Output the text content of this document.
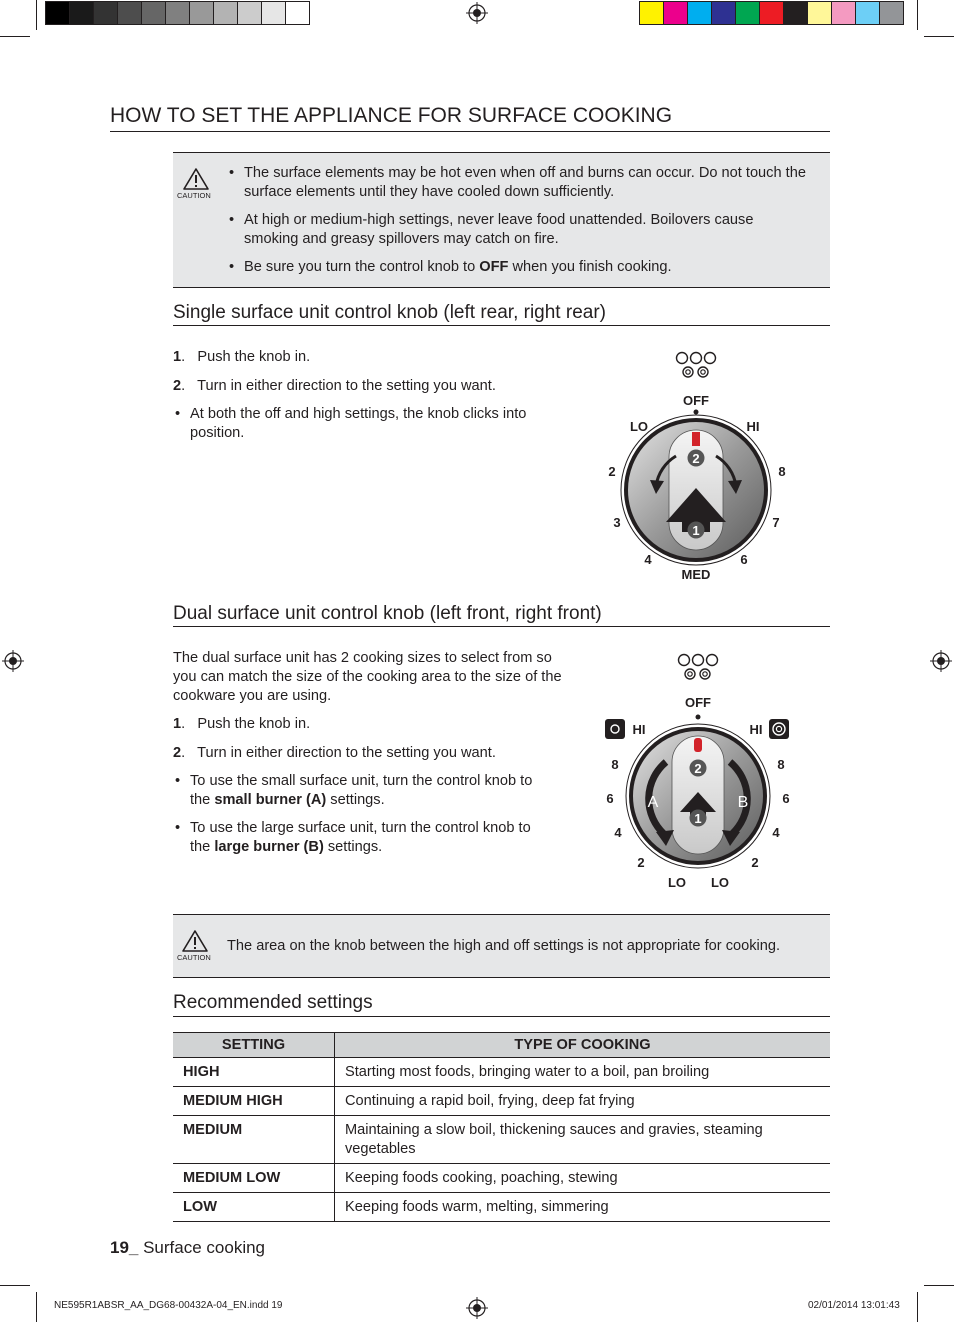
HOW TO SET THE APPLIANCE FOR SURFACE COOKING
CAUTION
• The surface elements may be hot even when off and burns can occur. Do not touch the surface elements until they have cooled down sufficiently.
• At high or medium-high settings, never leave food unattended. Boilovers cause smoking and greasy spillovers may catch on fire.
• Be sure you turn the control knob to OFF when you finish cooking.
Single surface unit control knob (left rear, right rear)
1.   Push the knob in.
2.   Turn in either direction to the setting you want.
• At both the off and high settings, the knob clicks into position.
2
1
OFF
LO	HI
2
3
4
MED
6
7
8
Dual surface unit control knob (left front, right front)
The dual surface unit has 2 cooking sizes to select from so you can match the size of the cooking area to the size of the cookware you are using.
1.   Push the knob in.
2.   Turn in either direction to the setting you want.
• To use the small surface unit, turn the control knob to the small burner (A) settings.
• To use the large surface unit, turn the control knob to the large burner (B) settings.
A	B
2
1
OFF
HI	HI
8
6
4
2
LO LO
2
4
6
8
CAUTION
The area on the knob between the high and off settings is not appropriate for cooking.
Recommended settings
SETTING	TYPE OF COOKING
HIGH	Starting most foods, bringing water to a boil, pan broiling
MEDIUM HIGH	Continuing a rapid boil, frying, deep fat frying
MEDIUM	Maintaining a slow boil, thickening sauces and gravies, steaming vegetables
MEDIUM LOW	Keeping foods cooking, poaching, stewing
LOW	Keeping foods warm, melting, simmering
19_ Surface cooking
NE595R1ABSR_AA_DG68-00432A-04_EN.indd 19	02/01/2014 13:01:43
